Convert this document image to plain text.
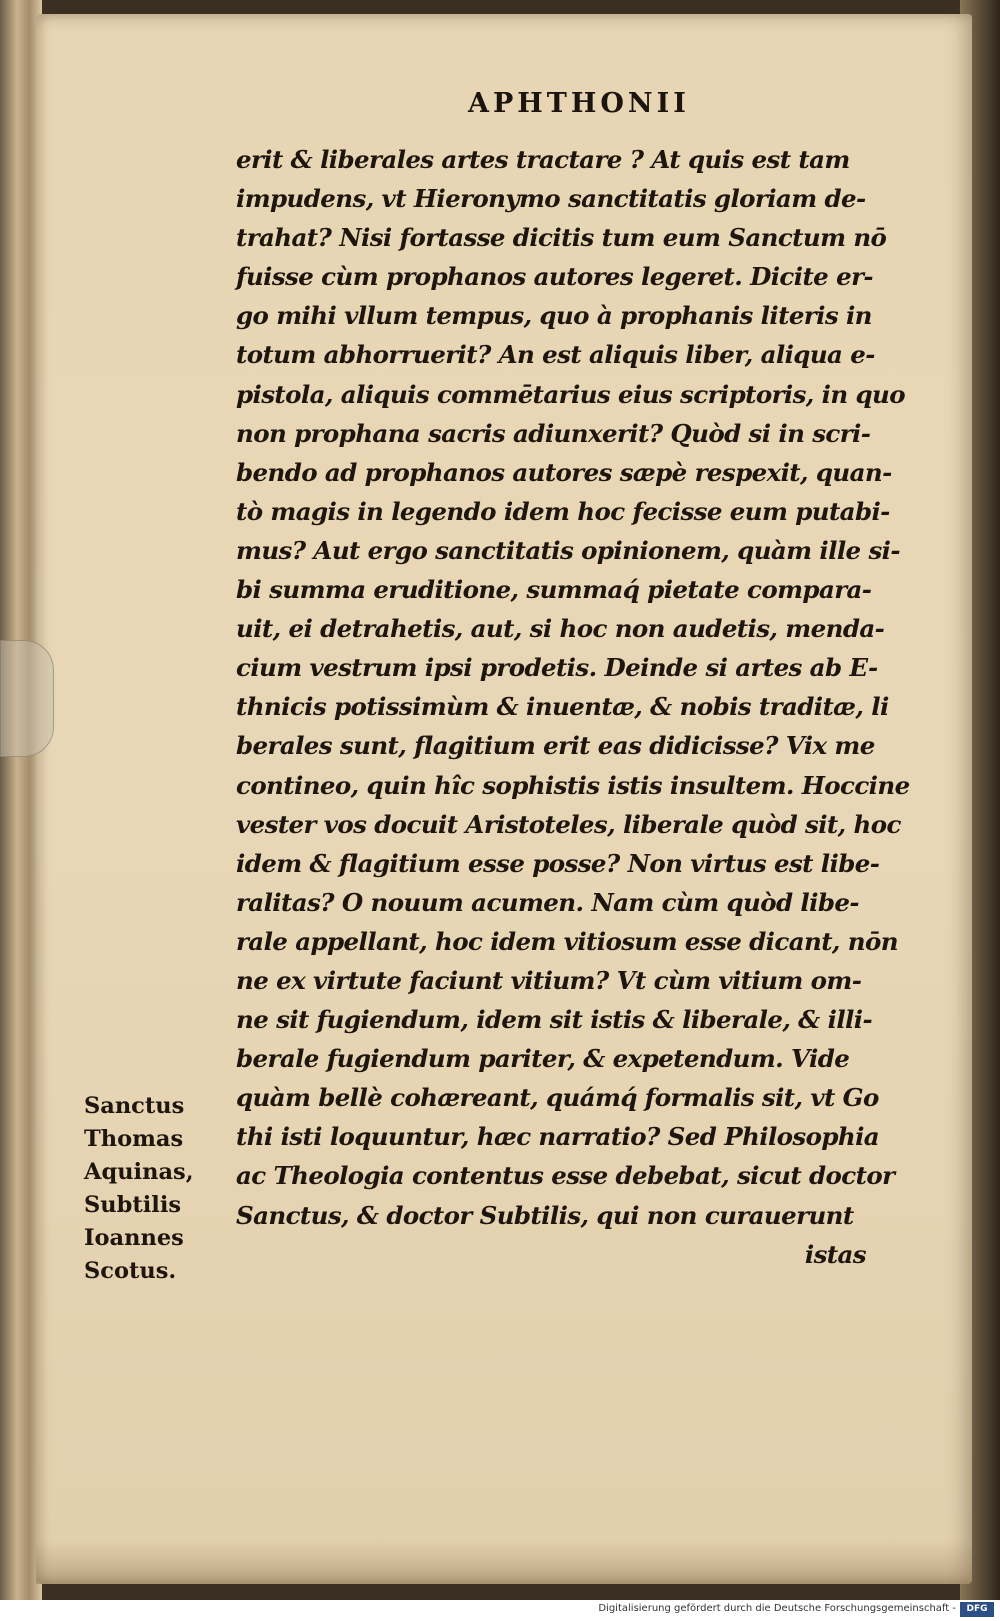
APHTHONII
erit & liberales artes tractare ? At quis est tam
impudens, vt Hieronymo sanctitatis gloriam de-
trahat? Nisi fortasse dicitis tum eum Sanctum nō
fuisse cùm prophanos autores legeret. Dicite er-
go mihi vllum tempus, quo à prophanis literis in
totum abhorruerit? An est aliquis liber, aliqua e-
pistola, aliquis commētarius eius scriptoris, in quo
non prophana sacris adiunxerit? Quòd si in scri-
bendo ad prophanos autores sæpè respexit, quan-
tò magis in legendo idem hoc fecisse eum putabi-
mus? Aut ergo sanctitatis opinionem, quàm ille si-
bi summa eruditione, summaq́ pietate compara-
uit, ei detrahetis, aut, si hoc non audetis, menda-
cium vestrum ipsi prodetis. Deinde si artes ab E-
thnicis potissimùm & inuentæ, & nobis traditæ, li
berales sunt, flagitium erit eas didicisse? Vix me
contineo, quin hîc sophistis istis insultem. Hoccine
vester vos docuit Aristoteles, liberale quòd sit, hoc
idem & flagitium esse posse? Non virtus est libe-
ralitas? O nouum acumen. Nam cùm quòd libe-
rale appellant, hoc idem vitiosum esse dicant, nōn
ne ex virtute faciunt vitium? Vt cùm vitium om-
ne sit fugiendum, idem sit istis & liberale, & illi-
berale fugiendum pariter, & expetendum. Vide
quàm bellè cohæreant, quámq́ formalis sit, vt Go
thi isti loquuntur, hæc narratio? Sed Philosophia
ac Theologia contentus esse debebat, sicut doctor
Sanctus, & doctor Subtilis, qui non curauerunt
istas
Sanctus
Thomas
Aquinas,
Subtilis
Ioannes
Scotus.
Digitalisierung gefördert durch die Deutsche Forschungsgemeinschaft -	DFG
